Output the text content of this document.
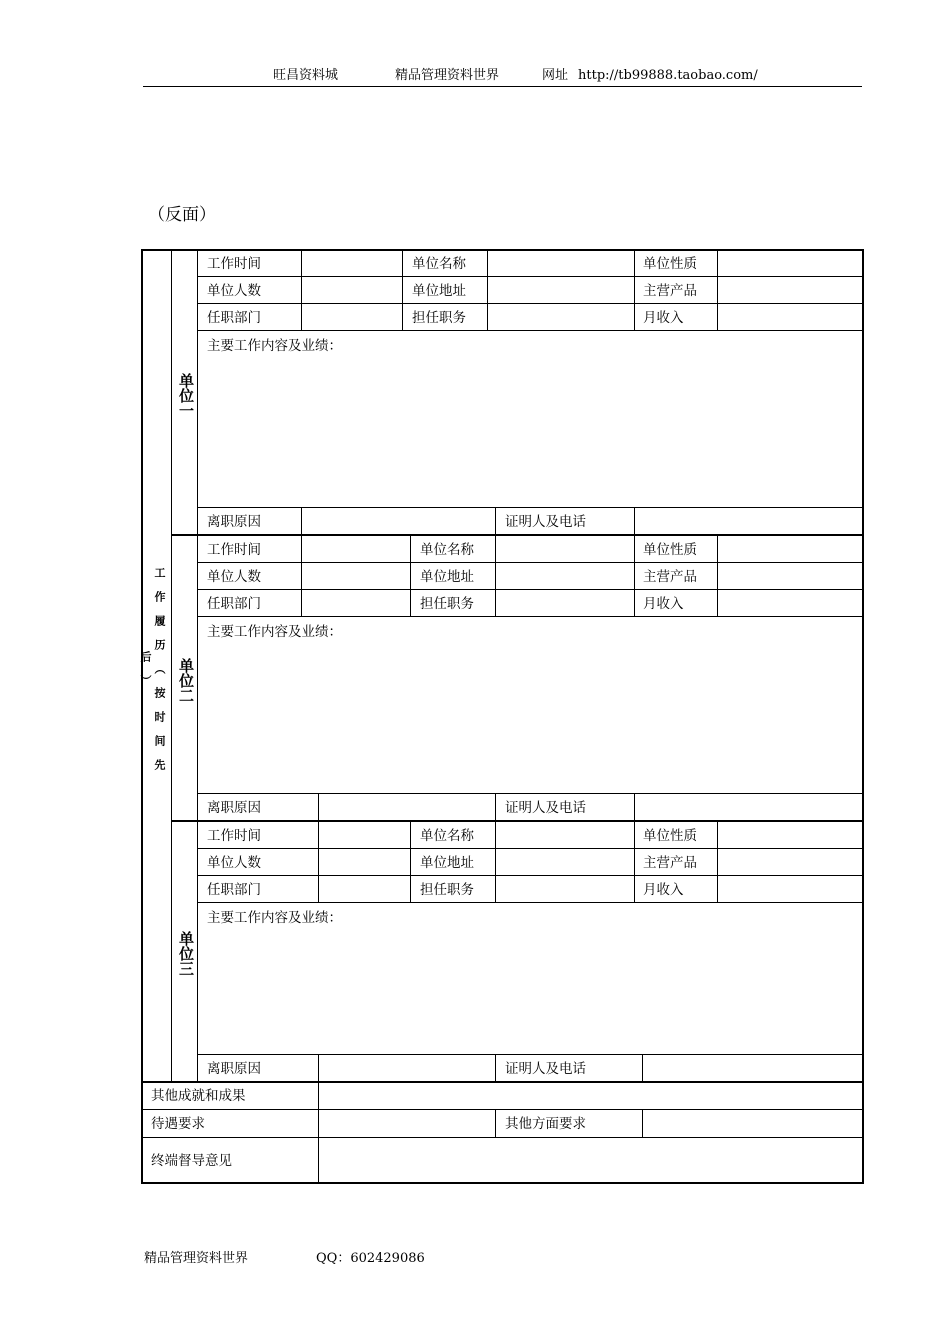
旺昌资料城	精品管理资料世界	网址 http://tb99888.taobao.com/
（反面）
工作履历（按时间先后）
单位一
工作时间	单位名称	单位性质
单位人数	单位地址	主营产品
任职部门	担任职务	月收入
主要工作内容及业绩：
离职原因	证明人及电话
单位二
工作时间	单位名称	单位性质
单位人数	单位地址	主营产品
任职部门	担任职务	月收入
主要工作内容及业绩：
离职原因	证明人及电话
单位三
工作时间	单位名称	单位性质
单位人数	单位地址	主营产品
任职部门	担任职务	月收入
主要工作内容及业绩：
离职原因	证明人及电话
其他成就和成果
待遇要求	其他方面要求
终端督导意见
精品管理资料世界	QQ：602429086
